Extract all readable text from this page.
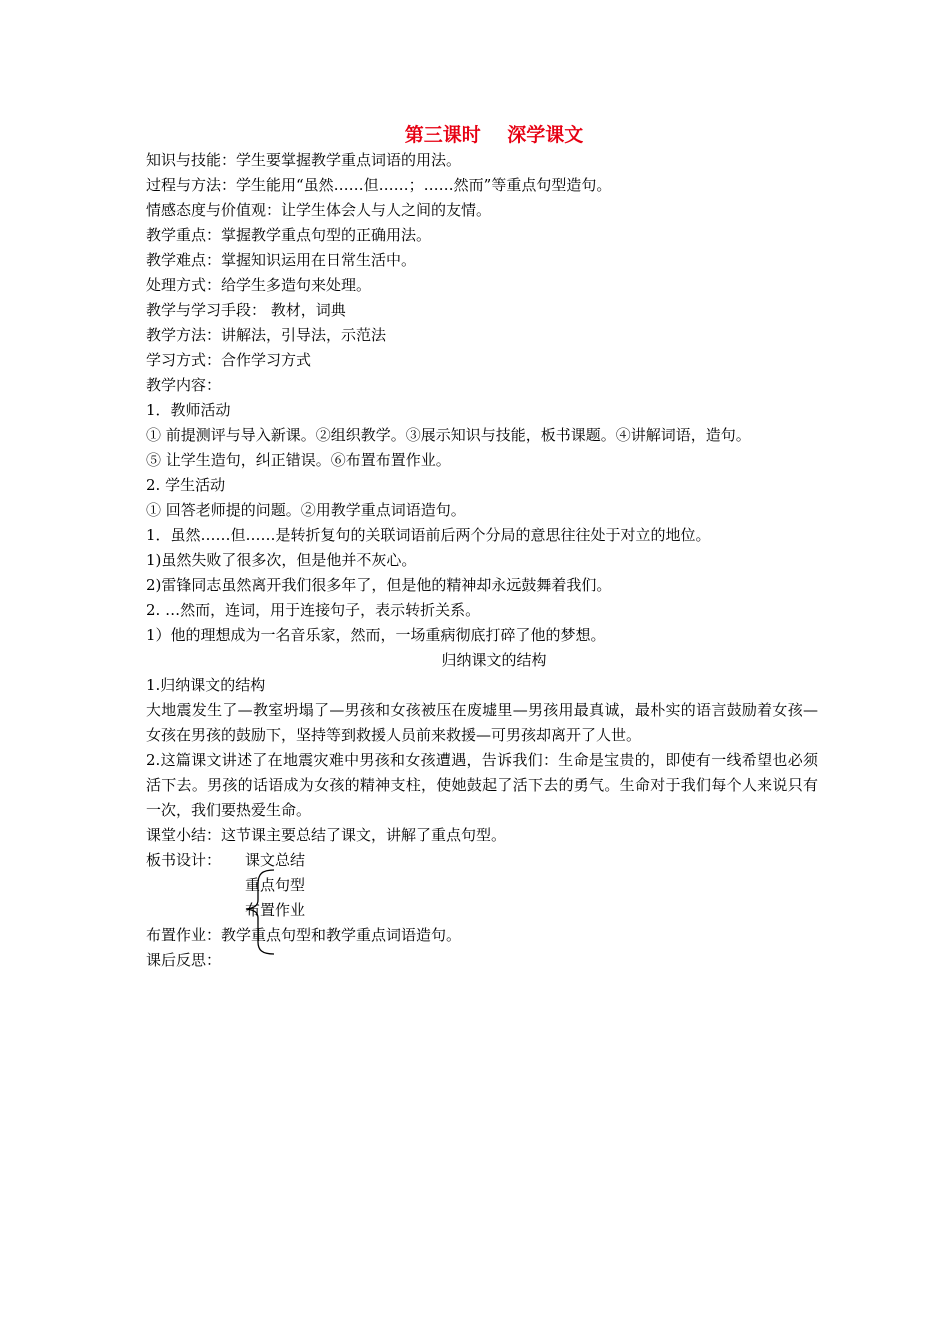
第三课时    深学课文
知识与技能：学生要掌握教学重点词语的用法。
过程与方法：学生能用“虽然……但……；……然而”等重点句型造句。
情感态度与价值观：让学生体会人与人之间的友情。
教学重点：掌握教学重点句型的正确用法。
教学难点：掌握知识运用在日常生活中。
处理方式：给学生多造句来处理。
教学与学习手段： 教材，词典
教学方法：讲解法，引导法，示范法
学习方式：合作学习方式
教学内容：
1．教师活动
① 前提测评与导入新课。②组织教学。③展示知识与技能，板书课题。④讲解词语，造句。
⑤ 让学生造句，纠正错误。⑥布置布置作业。
2. 学生活动
① 回答老师提的问题。②用教学重点词语造句。
1．虽然……但……是转折复句的关联词语前后两个分局的意思往往处于对立的地位。
1)虽然失败了很多次，但是他并不灰心。
2)雷锋同志虽然离开我们很多年了，但是他的精神却永远鼓舞着我们。
2. …然而，连词，用于连接句子，表示转折关系。
1）他的理想成为一名音乐家，然而，一场重病彻底打碎了他的梦想。
归纳课文的结构
1.归纳课文的结构
大地震发生了—教室坍塌了—男孩和女孩被压在废墟里—男孩用最真诚，最朴实的语言鼓励着女孩—女孩在男孩的鼓励下，坚持等到救援人员前来救援—可男孩却离开了人世。
2.这篇课文讲述了在地震灾难中男孩和女孩遭遇，告诉我们：生命是宝贵的，即使有一线希望也必须活下去。男孩的话语成为女孩的精神支柱，使她鼓起了活下去的勇气。生命对于我们每个人来说只有一次，我们要热爱生命。
课堂小结：这节课主要总结了课文，讲解了重点句型。
板书设计： 课文总结
重点句型
布置作业
布置作业：教学重点句型和教学重点词语造句。
课后反思：
